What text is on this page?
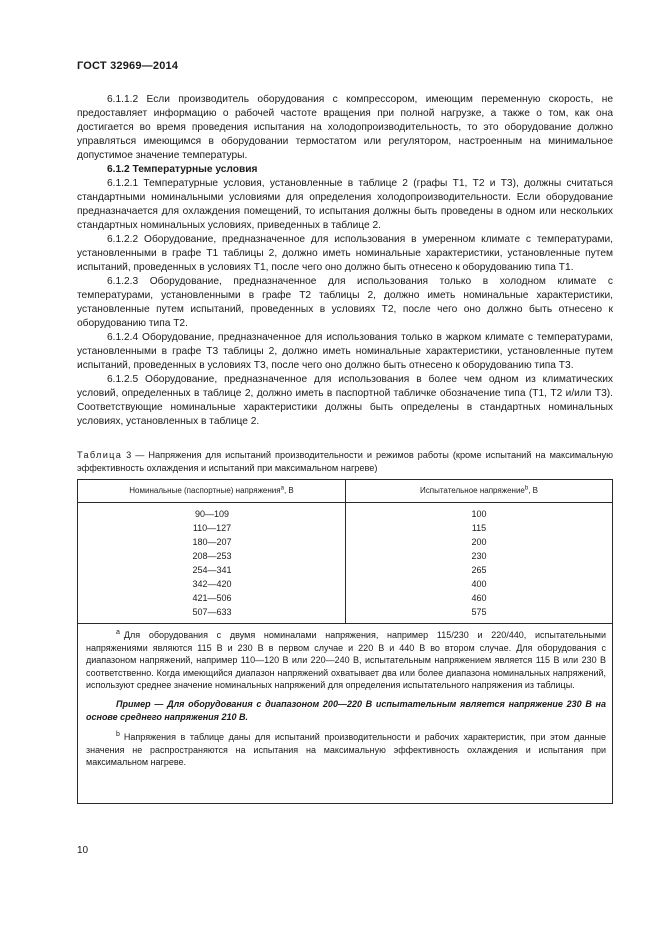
ГОСТ 32969—2014

6.1.1.2 Если производитель оборудования с компрессором, имеющим переменную скорость, не предоставляет информацию о рабочей частоте вращения при полной нагрузке, а также о том, как она достигается во время проведения испытания на холодопроизводительность, то это оборудование должно управляться имеющимся в оборудовании термостатом или регулятором, настроенным на минимальное допустимое значение температуры.

6.1.2 Температурные условия

6.1.2.1 Температурные условия, установленные в таблице 2 (графы Т1, Т2 и Т3), должны считаться стандартными номинальными условиями для определения холодопроизводительности. Если оборудование предназначается для охлаждения помещений, то испытания должны быть проведены в одном или нескольких стандартных номинальных условиях, приведенных в таблице 2.

6.1.2.2 Оборудование, предназначенное для использования в умеренном климате с температурами, установленными в графе Т1 таблицы 2, должно иметь номинальные характеристики, установленные путем испытаний, проведенных в условиях Т1, после чего оно должно быть отнесено к оборудованию типа Т1.

6.1.2.3 Оборудование, предназначенное для использования только в холодном климате с температурами, установленными в графе Т2 таблицы 2, должно иметь номинальные характеристики, установленные путем испытаний, проведенных в условиях Т2, после чего оно должно быть отнесено к оборудованию типа Т2.

6.1.2.4 Оборудование, предназначенное для использования только в жарком климате с температурами, установленными в графе Т3 таблицы 2, должно иметь номинальные характеристики, установленные путем испытаний, проведенных в условиях Т3, после чего оно должно быть отнесено к оборудованию типа Т3.

6.1.2.5 Оборудование, предназначенное для использования в более чем одном из климатических условий, определенных в таблице 2, должно иметь в паспортной табличке обозначение типа (Т1, Т2 и/или Т3). Соответствующие номинальные характеристики должны быть определены в стандартных номинальных условиях, установленных в таблице 2.

Таблица 3 — Напряжения для испытаний производительности и режимов работы (кроме испытаний на максимальную эффективность охлаждения и испытаний при максимальном нагреве)
Номинальные (паспортные) напряжения$^а$, В	Испытательное напряжение$^b$, В
90—109	100
110—127	115
180—207	200
208—253	230
254—341	265
342—420	400
421—506	460
507—633	575

$^а$ Для оборудования с двумя номиналами напряжения, например 115/230 и 220/440, испытательными напряжениями являются 115 В и 230 В в первом случае и 220 В и 440 В во втором случае. Для оборудования с диапазоном напряжений, например 110—120 В или 220—240 В, испытательным напряжением является 115 В или 230 В соответственно. Когда имеющийся диапазон напряжений охватывает два или более диапазона номинальных напряжений, используют среднее значение номинальных напряжений для определения испытательного напряжения из таблицы.

Пример — Для оборудования с диапазоном 200—220 В испытательным является напряжение 230 В на основе среднего напряжения 210 В.

$^b$ Напряжения в таблице даны для испытаний производительности и рабочих характеристик, при этом данные значения не распространяются на испытания на максимальную эффективность охлаждения и испытания при максимальном нагреве.

10
